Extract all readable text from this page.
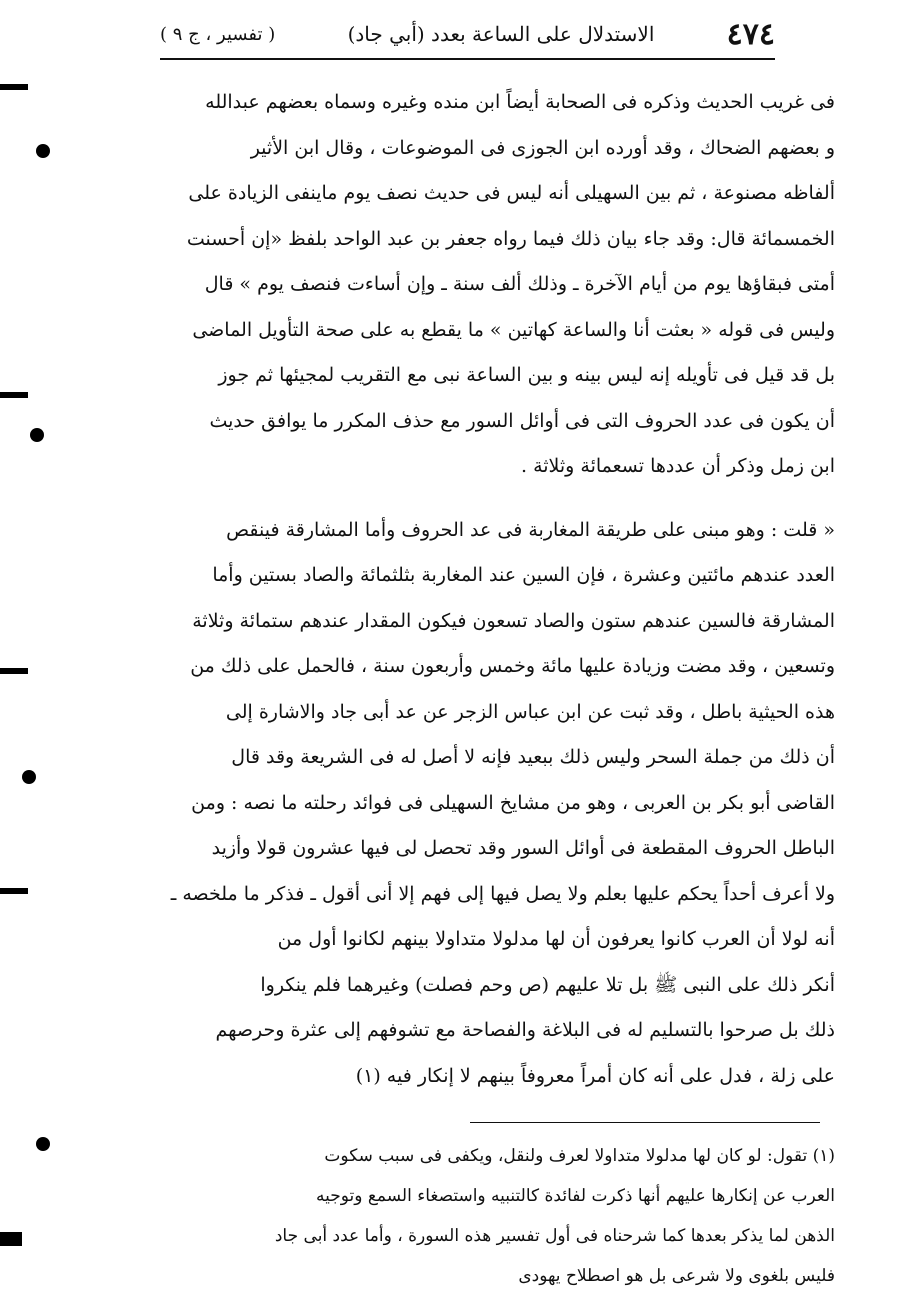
٤٧٤
الاستدلال على الساعة بعدد (أبي جاد)
( تفسير ، ج ٩ )
فى غريب الحديث وذكره فى الصحابة أيضاً ابن منده وغيره وسماه بعضهم عبدالله
و بعضهم الضحاك ، وقد أورده ابن الجوزى فى الموضوعات ، وقال ابن الأثير
ألفاظه مصنوعة ، ثم بين السهيلى أنه ليس فى حديث نصف يوم ماينفى الزيادة على
الخمسمائة قال: وقد جاء بيان ذلك فيما رواه جعفر بن عبد الواحد بلفظ «إن أحسنت
أمتى فبقاؤها يوم من أيام الآخرة ـ وذلك ألف سنة ـ وإن أساءت فنصف يوم » قال
وليس فى قوله « بعثت أنا والساعة كهاتين » ما يقطع به على صحة التأويل الماضى
بل قد قيل فى تأويله إنه ليس بينه و بين الساعة نبى مع التقريب لمجيئها ثم جوز
أن يكون فى عدد الحروف التى فى أوائل السور مع حذف المكرر ما يوافق حديث
ابن زمل وذكر أن عددها تسعمائة وثلاثة .
« قلت : وهو مبنى على طريقة المغاربة فى عد الحروف وأما المشارقة فينقص
العدد عندهم مائتين وعشرة ، فإن السين عند المغاربة بثلثمائة والصاد بستين وأما
المشارقة فالسين عندهم ستون والصاد تسعون فيكون المقدار عندهم ستمائة وثلاثة
وتسعين ، وقد مضت وزيادة عليها مائة وخمس وأربعون سنة ، فالحمل على ذلك من
هذه الحيثية باطل ، وقد ثبت عن ابن عباس الزجر عن عد أبى جاد والاشارة إلى
أن ذلك من جملة السحر وليس ذلك ببعيد فإنه لا أصل له فى الشريعة وقد قال
القاضى أبو بكر بن العربى ، وهو من مشايخ السهيلى فى فوائد رحلته ما نصه : ومن
الباطل الحروف المقطعة فى أوائل السور وقد تحصل لى فيها عشرون قولا وأزيد
ولا أعرف أحداً يحكم عليها بعلم ولا يصل فيها إلى فهم إلا أنى أقول ـ فذكر ما ملخصه ـ
أنه لولا أن العرب كانوا يعرفون أن لها مدلولا متداولا بينهم لكانوا أول من
أنكر ذلك على النبى ﷺ بل تلا عليهم (ص وحم فصلت) وغيرهما فلم ينكروا
ذلك بل صرحوا بالتسليم له فى البلاغة والفصاحة مع تشوفهم إلى عثرة وحرصهم
على زلة ، فدل على أنه كان أمراً معروفاً بينهم لا إنكار فيه (١)
(١) تقول: لو كان لها مدلولا متداولا لعرف ولنقل، ويكفى فى سبب سكوت
العرب عن إنكارها عليهم أنها ذكرت لفائدة كالتنبيه واستصغاء السمع وتوجيه
الذهن لما يذكر بعدها كما شرحناه فى أول تفسير هذه السورة ، وأما عدد أبى جاد
فليس بلغوى ولا شرعى بل هو اصطلاح يهودى
